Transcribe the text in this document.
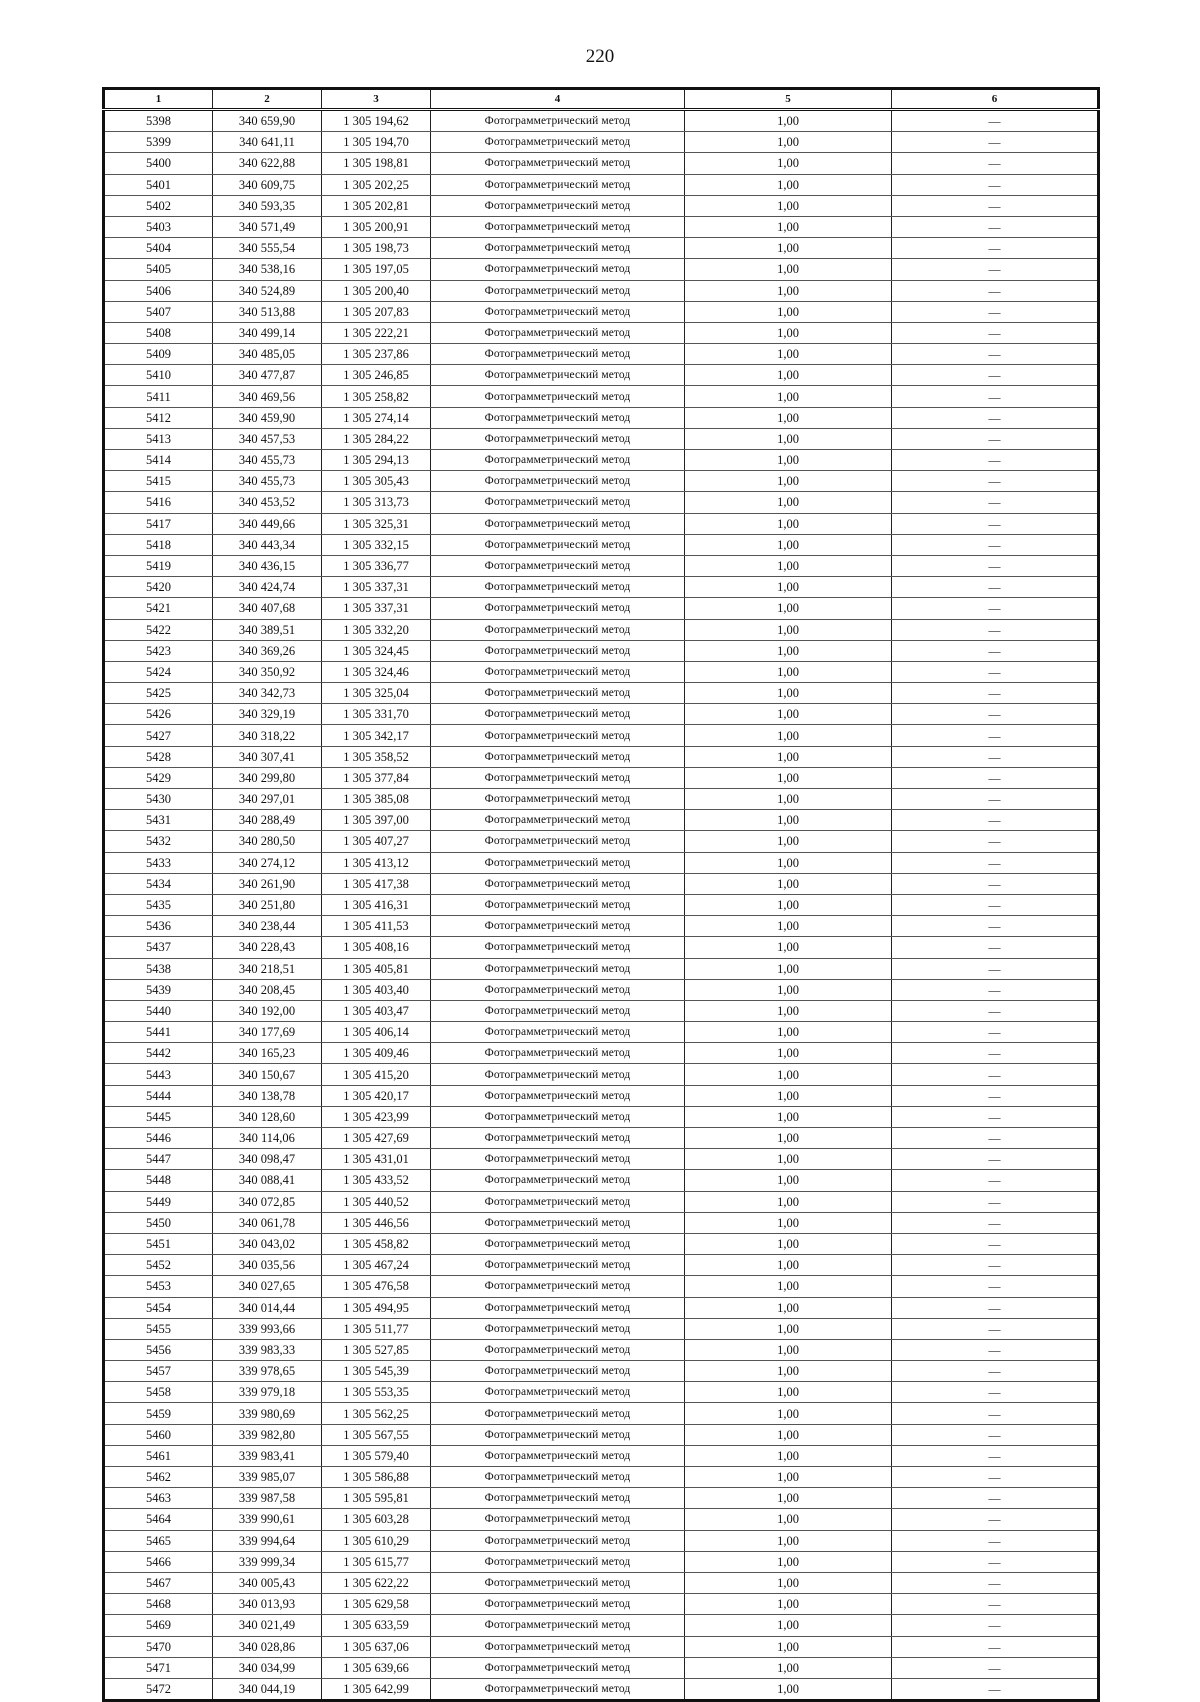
220
1	2	3	4	5	6
5398	340 659,90	1 305 194,62	Фотограмметрический метод	1,00	—
5399	340 641,11	1 305 194,70	Фотограмметрический метод	1,00	—
5400	340 622,88	1 305 198,81	Фотограмметрический метод	1,00	—
5401	340 609,75	1 305 202,25	Фотограмметрический метод	1,00	—
5402	340 593,35	1 305 202,81	Фотограмметрический метод	1,00	—
5403	340 571,49	1 305 200,91	Фотограмметрический метод	1,00	—
5404	340 555,54	1 305 198,73	Фотограмметрический метод	1,00	—
5405	340 538,16	1 305 197,05	Фотограмметрический метод	1,00	—
5406	340 524,89	1 305 200,40	Фотограмметрический метод	1,00	—
5407	340 513,88	1 305 207,83	Фотограмметрический метод	1,00	—
5408	340 499,14	1 305 222,21	Фотограмметрический метод	1,00	—
5409	340 485,05	1 305 237,86	Фотограмметрический метод	1,00	—
5410	340 477,87	1 305 246,85	Фотограмметрический метод	1,00	—
5411	340 469,56	1 305 258,82	Фотограмметрический метод	1,00	—
5412	340 459,90	1 305 274,14	Фотограмметрический метод	1,00	—
5413	340 457,53	1 305 284,22	Фотограмметрический метод	1,00	—
5414	340 455,73	1 305 294,13	Фотограмметрический метод	1,00	—
5415	340 455,73	1 305 305,43	Фотограмметрический метод	1,00	—
5416	340 453,52	1 305 313,73	Фотограмметрический метод	1,00	—
5417	340 449,66	1 305 325,31	Фотограмметрический метод	1,00	—
5418	340 443,34	1 305 332,15	Фотограмметрический метод	1,00	—
5419	340 436,15	1 305 336,77	Фотограмметрический метод	1,00	—
5420	340 424,74	1 305 337,31	Фотограмметрический метод	1,00	—
5421	340 407,68	1 305 337,31	Фотограмметрический метод	1,00	—
5422	340 389,51	1 305 332,20	Фотограмметрический метод	1,00	—
5423	340 369,26	1 305 324,45	Фотограмметрический метод	1,00	—
5424	340 350,92	1 305 324,46	Фотограмметрический метод	1,00	—
5425	340 342,73	1 305 325,04	Фотограмметрический метод	1,00	—
5426	340 329,19	1 305 331,70	Фотограмметрический метод	1,00	—
5427	340 318,22	1 305 342,17	Фотограмметрический метод	1,00	—
5428	340 307,41	1 305 358,52	Фотограмметрический метод	1,00	—
5429	340 299,80	1 305 377,84	Фотограмметрический метод	1,00	—
5430	340 297,01	1 305 385,08	Фотограмметрический метод	1,00	—
5431	340 288,49	1 305 397,00	Фотограмметрический метод	1,00	—
5432	340 280,50	1 305 407,27	Фотограмметрический метод	1,00	—
5433	340 274,12	1 305 413,12	Фотограмметрический метод	1,00	—
5434	340 261,90	1 305 417,38	Фотограмметрический метод	1,00	—
5435	340 251,80	1 305 416,31	Фотограмметрический метод	1,00	—
5436	340 238,44	1 305 411,53	Фотограмметрический метод	1,00	—
5437	340 228,43	1 305 408,16	Фотограмметрический метод	1,00	—
5438	340 218,51	1 305 405,81	Фотограмметрический метод	1,00	—
5439	340 208,45	1 305 403,40	Фотограмметрический метод	1,00	—
5440	340 192,00	1 305 403,47	Фотограмметрический метод	1,00	—
5441	340 177,69	1 305 406,14	Фотограмметрический метод	1,00	—
5442	340 165,23	1 305 409,46	Фотограмметрический метод	1,00	—
5443	340 150,67	1 305 415,20	Фотограмметрический метод	1,00	—
5444	340 138,78	1 305 420,17	Фотограмметрический метод	1,00	—
5445	340 128,60	1 305 423,99	Фотограмметрический метод	1,00	—
5446	340 114,06	1 305 427,69	Фотограмметрический метод	1,00	—
5447	340 098,47	1 305 431,01	Фотограмметрический метод	1,00	—
5448	340 088,41	1 305 433,52	Фотограмметрический метод	1,00	—
5449	340 072,85	1 305 440,52	Фотограмметрический метод	1,00	—
5450	340 061,78	1 305 446,56	Фотограмметрический метод	1,00	—
5451	340 043,02	1 305 458,82	Фотограмметрический метод	1,00	—
5452	340 035,56	1 305 467,24	Фотограмметрический метод	1,00	—
5453	340 027,65	1 305 476,58	Фотограмметрический метод	1,00	—
5454	340 014,44	1 305 494,95	Фотограмметрический метод	1,00	—
5455	339 993,66	1 305 511,77	Фотограмметрический метод	1,00	—
5456	339 983,33	1 305 527,85	Фотограмметрический метод	1,00	—
5457	339 978,65	1 305 545,39	Фотограмметрический метод	1,00	—
5458	339 979,18	1 305 553,35	Фотограмметрический метод	1,00	—
5459	339 980,69	1 305 562,25	Фотограмметрический метод	1,00	—
5460	339 982,80	1 305 567,55	Фотограмметрический метод	1,00	—
5461	339 983,41	1 305 579,40	Фотограмметрический метод	1,00	—
5462	339 985,07	1 305 586,88	Фотограмметрический метод	1,00	—
5463	339 987,58	1 305 595,81	Фотограмметрический метод	1,00	—
5464	339 990,61	1 305 603,28	Фотограмметрический метод	1,00	—
5465	339 994,64	1 305 610,29	Фотограмметрический метод	1,00	—
5466	339 999,34	1 305 615,77	Фотограмметрический метод	1,00	—
5467	340 005,43	1 305 622,22	Фотограмметрический метод	1,00	—
5468	340 013,93	1 305 629,58	Фотограмметрический метод	1,00	—
5469	340 021,49	1 305 633,59	Фотограмметрический метод	1,00	—
5470	340 028,86	1 305 637,06	Фотограмметрический метод	1,00	—
5471	340 034,99	1 305 639,66	Фотограмметрический метод	1,00	—
5472	340 044,19	1 305 642,99	Фотограмметрический метод	1,00	—
